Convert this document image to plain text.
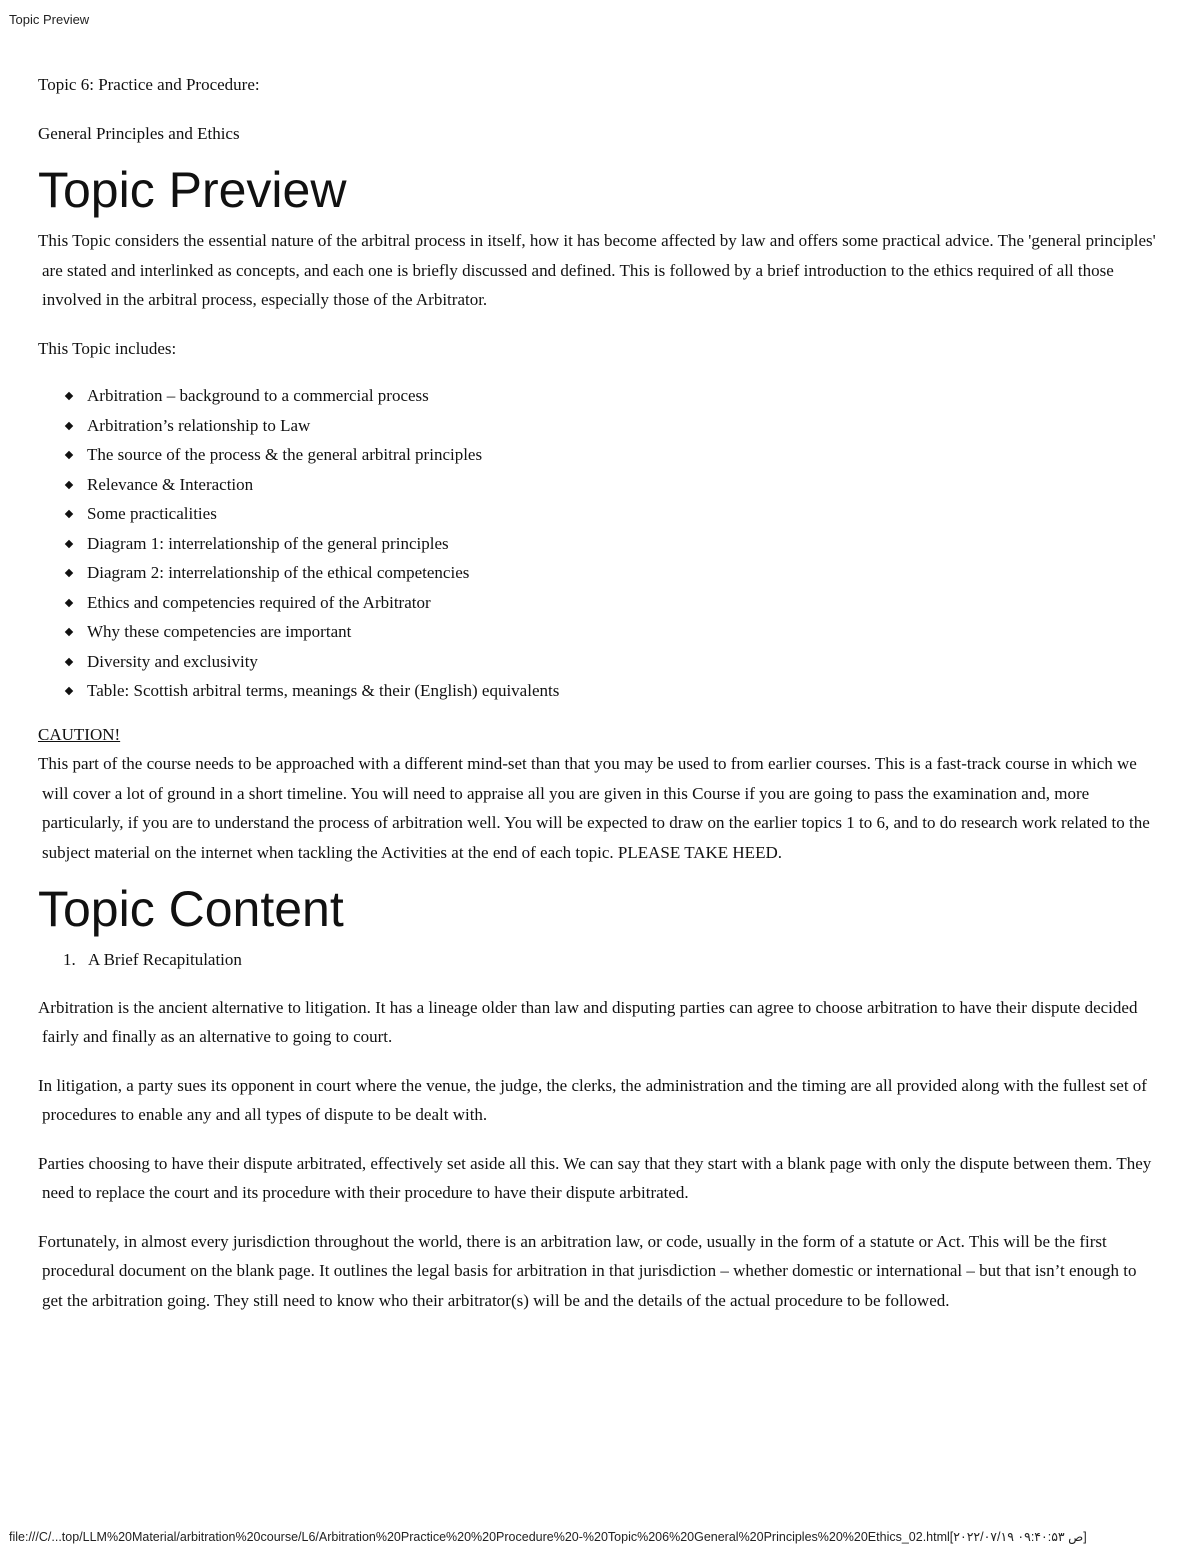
Topic Preview

Topic 6: Practice and Procedure:

General Principles and Ethics

Topic Preview

This Topic considers the essential nature of the arbitral process in itself, how it has become affected by law and offers some practical advice. The 'general principles' are stated and interlinked as concepts, and each one is briefly discussed and defined. This is followed by a brief introduction to the ethics required of all those involved in the arbitral process, especially those of the Arbitrator.

This Topic includes:

Arbitration – background to a commercial process
Arbitration’s relationship to Law
The source of the process & the general arbitral principles
Relevance & Interaction
Some practicalities
Diagram 1: interrelationship of the general principles
Diagram 2: interrelationship of the ethical competencies
Ethics and competencies required of the Arbitrator
Why these competencies are important
Diversity and exclusivity
Table: Scottish arbitral terms, meanings & their (English) equivalents

CAUTION!

This part of the course needs to be approached with a different mind-set than that you may be used to from earlier courses. This is a fast-track course in which we will cover a lot of ground in a short timeline. You will need to appraise all you are given in this Course if you are going to pass the examination and, more particularly, if you are to understand the process of arbitration well. You will be expected to draw on the earlier topics 1 to 6, and to do research work related to the subject material on the internet when tackling the Activities at the end of each topic. PLEASE TAKE HEED.

Topic Content
1. A Brief Recapitulation

Arbitration is the ancient alternative to litigation. It has a lineage older than law and disputing parties can agree to choose arbitration to have their dispute decided fairly and finally as an alternative to going to court.

In litigation, a party sues its opponent in court where the venue, the judge, the clerks, the administration and the timing are all provided along with the fullest set of procedures to enable any and all types of dispute to be dealt with.

Parties choosing to have their dispute arbitrated, effectively set aside all this. We can say that they start with a blank page with only the dispute between them. They need to replace the court and its procedure with their procedure to have their dispute arbitrated.

Fortunately, in almost every jurisdiction throughout the world, there is an arbitration law, or code, usually in the form of a statute or Act. This will be the first procedural document on the blank page. It outlines the legal basis for arbitration in that jurisdiction – whether domestic or international – but that isn’t enough to get the arbitration going. They still need to know who their arbitrator(s) will be and the details of the actual procedure to be followed.

file:///C/...top/LLM%20Material/arbitration%20course/L6/Arbitration%20Practice%20%20Procedure%20-%20Topic%206%20General%20Principles%20%20Ethics_02.html[۲۰۲۲/۰۷/۱۹ ۰۹:۴۰:۵۳ ص]
